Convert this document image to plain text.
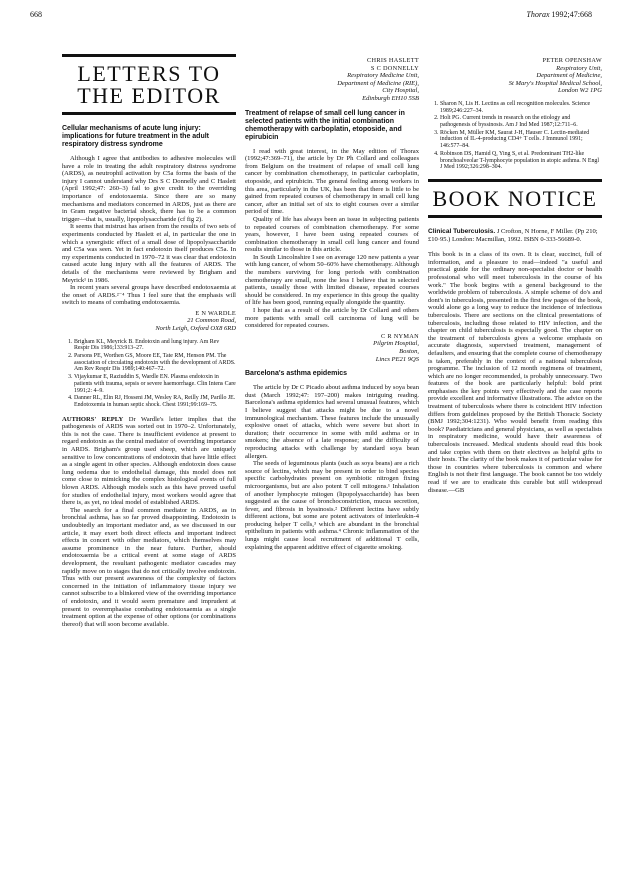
668	Thorax 1992;47:668
LETTERS TO THE EDITOR
Cellular mechanisms of acute lung injury: implications for future treatment in the adult respiratory distress syndrome

Although I agree that antibodies to adhesive molecules will have a role in treating the adult respiratory distress syndrome (ARDS), as neutrophil activation by C5a forms the basis of the injury I cannot understand why Drs S C Donnelly and C Haslett (April 1992;47: 260–3) fail to give credit to the overriding importance of endotoxaemia. Since there are so many mechanisms and mediators concerned in ARDS, just as there are in Gram negative bacterial shock, there has to be a common trigger—that is, usually, lipopolysaccharide (cf fig 2).

It seems that mistrust has arisen from the results of two sets of experiments conducted by Haslett et al, in particular the one in which a synergistic effect of a small dose of lipopolysaccharide and C5a was seen. Yet in fact endotoxin itself produces C5a. In my experiments conducted in 1970–72 it was clear that endotoxin caused acute lung injury with all the features of ARDS. The details of the mechanisms were reviewed by Brigham and Meyrick¹ in 1986.

In recent years several groups have described endotoxaemia at the onset of ARDS.²⁻⁴ Thus I feel sure that the emphasis will switch to means of combating endotoxaemia.

E N WARDLE
21 Common Road,
North Leigh, Oxford OX8 6RD
1. Brigham KL, Meyrick B. Endotoxin and lung injury. Am Rev Respir Dis 1986;133:913–27.
2. Parsons PE, Worthen GS, Moore EE, Tate RM, Henson PM. The association of circulating endotoxin with the development of ARDS. Am Rev Respir Dis 1989;140:467–72.
3. Vijaykumar E, Raziuddin S, Wardle EN. Plasma endotoxin in patients with trauma, sepsis or severe haemorrhage. Clin Intens Care 1991;2: 4–9.
4. Danner RL, Elin RJ, Hosseni JM, Wesley RA, Reilly JM, Parillo JE. Endotoxemia in human septic shock. Chest 1991;99:169–75.

AUTHORS' REPLY Dr Wardle's letter implies that the pathogenesis of ARDS was sorted out in 1970–2. Unfortunately, this is not the case. There is insufficient evidence at present to regard endotoxin as the central mediator of overriding importance in ARDS. Brigham's group used sheep, which are uniquely sensitive to low concentrations of endotoxin that have little effect as a single agent in other species. Although endotoxin does cause lung oedema due to endothelial damage, this model does not come close to mimicking the complex histological events of full blown ARDS. Although models such as this have proved useful for studies of endothelial injury, most workers would agree that there is, as yet, no ideal model of established ARDS.

The search for a final common mediator in ARDS, as in bronchial asthma, has so far proved disappointing. Endotoxin is undoubtedly an important mediator and, as we discussed in our article, it may exert both direct effects and important indirect effects in concert with other mediators, which themselves may assume prominence in the near future. Further, should endotoxaemia be a critical event at some stage of ARDS development, the resultant pathogenic mediator cascades may rapidly move on to stages that do not critically involve endotoxin. Thus with our present awareness of the complexity of factors concerned in the initiation of inflammatory tissue injury we cannot subscribe to a blinkered view of the overriding importance of endotoxin, and it would seem premature and imprudent at present to overemphasise combating endotoxaemia as a single treatment option at the expense of other options (or combinations thereof) that will soon become available.

CHRIS HASLETT
S C DONNELLY
Respiratory Medicine Unit,
Department of Medicine (RIE),
City Hospital,
Edinburgh EH10 5SB
Treatment of relapse of small cell lung cancer in selected patients with the initial combination chemotherapy with carboplatin, etoposide, and epirubicin

I read with great interest, in the May edition of Thorax (1992;47:369–71), the article by Dr Ph Collard and colleagues from Belgium on the treatment of relapse of small cell lung cancer by combination chemotherapy, in particular carboplatin, etoposide, and epirubicin. The general feeling among workers in this area, particularly in the UK, has been that there is little to be gained from repeated courses of chemotherapy in small cell lung cancer, after an initial set of six to eight courses over a similar period of time.

Quality of life has always been an issue in subjecting patients to repeated courses of combination chemotherapy. For some years, however, I have been using repeated courses of combination chemotherapy in small cell lung cancer and found results similar to those in this article.

In South Lincolnshire I see on average 120 new patients a year with lung cancer, of whom 50–60% have chemotherapy. Although the numbers surviving for long periods with combination chemotherapy are small, none the less I believe that in selected patients, usually those with limited disease, repeated courses should be considered. In my experience in this group the quality of life has been good, running equally alongside the quantity.

I hope that as a result of the article by Dr Collard and others more patients with small cell carcinoma of lung will be considered for repeated courses.

C R NYMAN
Pilgrim Hospital,
Boston,
Lincs PE21 9QS
Barcelona's asthma epidemics

The article by Dr C Picado about asthma induced by soya bean dust (March 1992;47: 197–200) makes intriguing reading. Barcelona's asthma epidemics had several unusual features, which I believe suggest that attacks might be due to a novel immunological mechanism. These features include the unusually explosive onset of attacks, which were severe but short in duration; their occurrence in some with mild asthma or in smokers; the absence of a late response; and the difficulty of reproducing attacks with challenge by standard soya bean allergen.

The seeds of leguminous plants (such as soya beans) are a rich source of lectins, which may be present in order to bind species specific carbohydrates present on symbiotic nitrogen fixing microorganisms, but are also potent T cell mitogens.¹ Inhalation of another lymphocyte mitogen (lipopolysaccharide) has been suggested as the cause of bronchoconstriction, mucus secretion, fever, and fibrosis in byssinosis.² Different lectins have subtly different actions, but some are potent activators of interleukin-4 producing helper T cells,³ which are abundant in the bronchial epithelium in patients with asthma.⁴ Chronic inflammation of the lungs might cause local recruitment of additional T cells, explaining the apparent additive effect of cigarette smoking.

PETER OPENSHAW
Respiratory Unit,
Department of Medicine,
St Mary's Hospital Medical School,
London W2 1PG
1. Sharon N, Lis H. Lectins as cell recognition molecules. Science 1989;246:227–34.
2. Holt PG. Current trends in research on the etiology and pathogenesis of byssinosis. Am J Ind Med 1987;12:711–6.
3. Röcken M, Müller KM, Saurat J-H, Hauser C. Lectin-mediated induction of IL-4-producing CD4+ T cells. J Immunol 1991; 146:577–84.
4. Robinson DS, Hamid Q, Ying S, et al. Predominant TH2-like bronchoalveolar T-lymphocyte population in atopic asthma. N Engl J Med 1992;326:298–304.
BOOK NOTICE
Clinical Tuberculosis. J Crofton, N Horne, F Miller. (Pp 210; £10·95.) London: Macmillan, 1992. ISBN 0-333-56689-0.

This book is in a class of its own. It is clear, succinct, full of information, and a pleasure to read—indeed "a useful and practical guide for the ordinary non-specialist doctor or health professional who will meet tuberculosis in the course of his work." The book begins with a general background to the worldwide problem of tuberculosis. A simple scheme of do's and dont's in tuberculosis, presented in the first few pages of the book, would alone go a long way to reduce the incidence of infectious tuberculosis. There are sections on the clinical presentations of tuberculosis, including those related to HIV infection, and the chapter on child tuberculosis is especially good. The chapter on the treatment of tuberculosis gives a welcome emphasis on accurate diagnosis, supervised treatment, management of defaulters, and ensuring that the complete course of chemotherapy is taken, preferably in the context of a national tuberculosis programme. The inclusion of 12 month regimens of treatment, which are no longer recommended, is probably unnecessary. Two features of the book are particularly helpful: bold print emphasises the key points very effectively and the case reports provide excellent and informative illustrations. The advice on the treatment of tuberculosis where there is coincident HIV infection differs from guidelines proposed by the British Thoracic Society (BMJ 1992;304:1231). Who would benefit from reading this book? Paediatricians and general physicians, as well as specialists in respiratory medicine, would have their awareness of tuberculosis increased. Medical students should read this book and take copies with them on their electives as helpful gifts to their hosts. The clarity of the book makes it of particular value for those in countries where tuberculosis is common and where English is not their first language. The book cannot be too widely read if we are to eradicate this curable but still widespread disease.—GB
